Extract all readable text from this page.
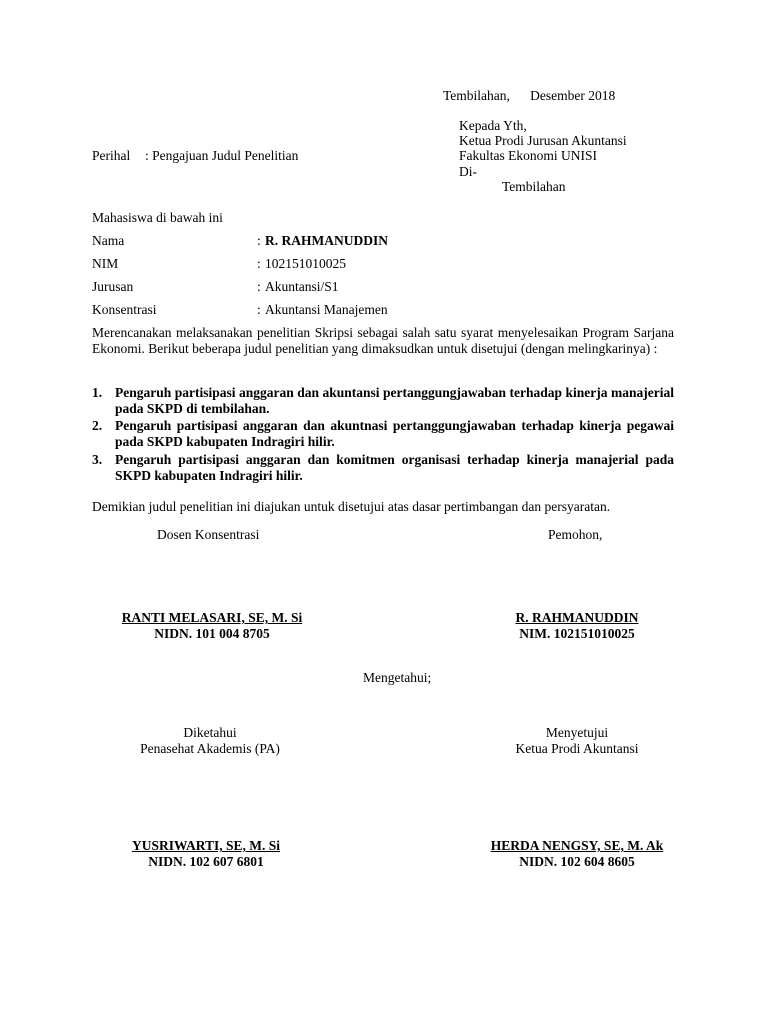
Tembilahan,      Desember 2018
Kepada Yth,
Ketua Prodi Jurusan Akuntansi
Fakultas Ekonomi UNISI
Di-
Tembilahan
Perihal : Pengajuan Judul Penelitian
Mahasiswa di bawah ini
Nama	: R. RAHMANUDDIN
NIM	: 102151010025
Jurusan	: Akuntansi/S1
Konsentrasi	: Akuntansi Manajemen
Merencanakan melaksanakan penelitian Skripsi sebagai salah satu syarat menyelesaikan Program Sarjana Ekonomi. Berikut beberapa judul penelitian yang dimaksudkan untuk disetujui (dengan melingkarinya) :
1. Pengaruh partisipasi anggaran dan akuntansi pertanggungjawaban terhadap kinerja manajerial pada SKPD di tembilahan.
2. Pengaruh partisipasi anggaran dan akuntnasi pertanggungjawaban terhadap kinerja pegawai pada SKPD kabupaten Indragiri hilir.
3. Pengaruh partisipasi anggaran dan komitmen organisasi terhadap kinerja manajerial pada SKPD kabupaten Indragiri hilir.
Demikian judul penelitian ini diajukan untuk disetujui atas dasar pertimbangan dan persyaratan.
Dosen Konsentrasi	Pemohon,
RANTI MELASARI, SE, M. Si
NIDN. 101 004 8705
R. RAHMANUDDIN
NIM. 102151010025
Mengetahui;
Diketahui
Penasehat Akademis (PA)
Menyetujui
Ketua Prodi Akuntansi
YUSRIWARTI, SE, M. Si
NIDN. 102 607 6801
HERDA NENGSY, SE, M. Ak
NIDN. 102 604 8605
